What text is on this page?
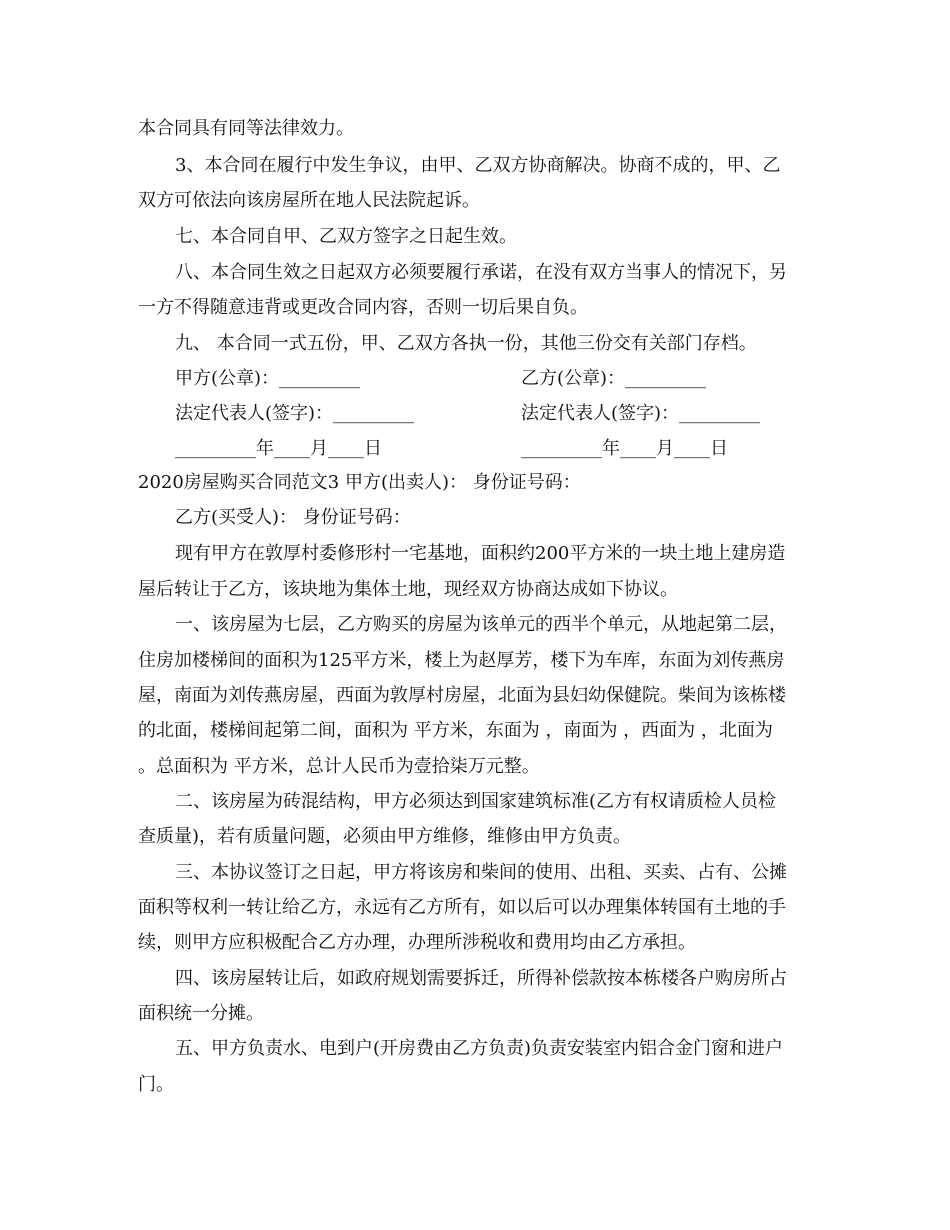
本合同具有同等法律效力。
3、本合同在履行中发生争议，由甲、乙双方协商解决。协商不成的，甲、乙
双方可依法向该房屋所在地人民法院起诉。
七、本合同自甲、乙双方签字之日起生效。
八、本合同生效之日起双方必须要履行承诺，在没有双方当事人的情况下，另
一方不得随意违背或更改合同内容，否则一切后果自负。
九、 本合同一式五份，甲、乙双方各执一份，其他三份交有关部门存档。
甲方(公章)：_________	乙方(公章)：_________
法定代表人(签字)：_________	法定代表人(签字)：_________
_________年____月____日	_________年____月____日
2020房屋购买合同范文3 甲方(出卖人)： 身份证号码：
乙方(买受人)： 身份证号码：
现有甲方在敦厚村委修形村一宅基地，面积约200平方米的一块土地上建房造
屋后转让于乙方，该块地为集体土地，现经双方协商达成如下协议。
一、该房屋为七层，乙方购买的房屋为该单元的西半个单元，从地起第二层，
住房加楼梯间的面积为125平方米，楼上为赵厚芳，楼下为车库，东面为刘传燕房
屋，南面为刘传燕房屋，西面为敦厚村房屋，北面为县妇幼保健院。柴间为该栋楼
的北面，楼梯间起第二间，面积为 平方米，东面为 ，南面为 ，西面为 ，北面为
。总面积为 平方米，总计人民币为壹拾柒万元整。
二、该房屋为砖混结构，甲方必须达到国家建筑标准(乙方有权请质检人员检
查质量)，若有质量问题，必须由甲方维修，维修由甲方负责。
三、本协议签订之日起，甲方将该房和柴间的使用、出租、买卖、占有、公摊
面积等权利一转让给乙方，永远有乙方所有，如以后可以办理集体转国有土地的手
续，则甲方应积极配合乙方办理，办理所涉税收和费用均由乙方承担。
四、该房屋转让后，如政府规划需要拆迁，所得补偿款按本栋楼各户购房所占
面积统一分摊。
五、甲方负责水、电到户(开房费由乙方负责)负责安装室内铝合金门窗和进户
门。
